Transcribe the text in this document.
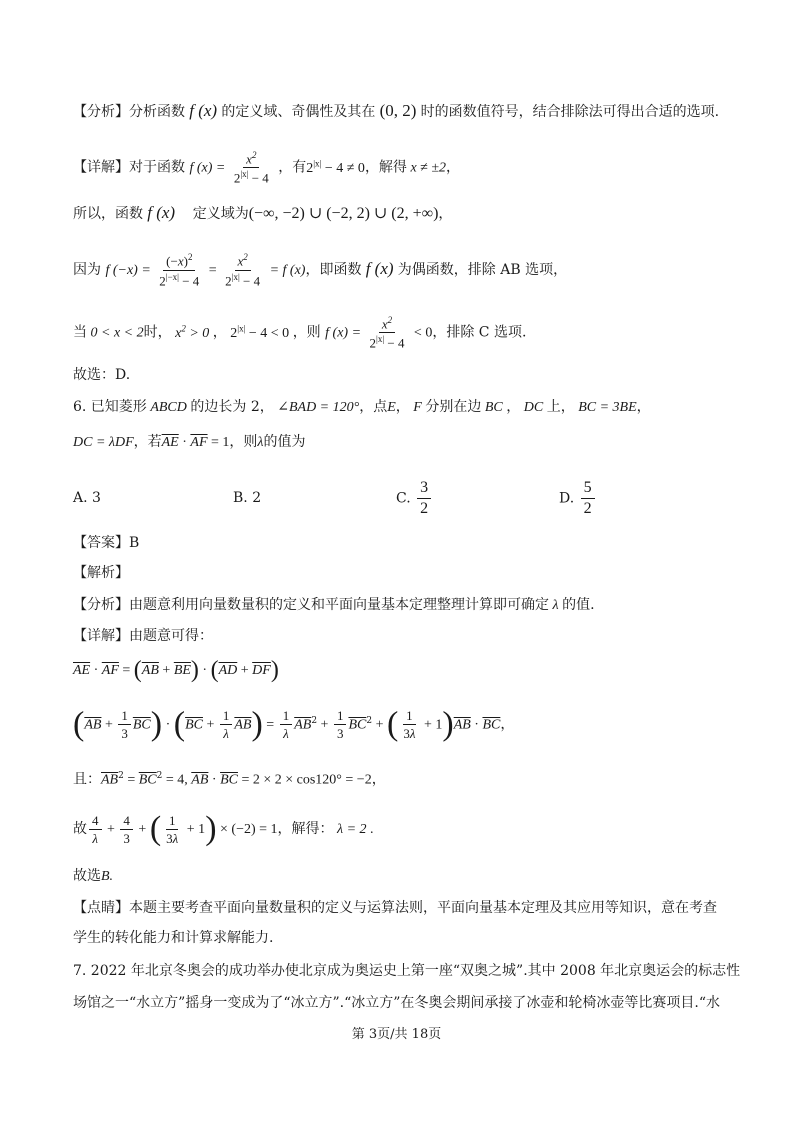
【分析】分析函数 f (x) 的定义域、奇偶性及其在 (0, 2) 时的函数值符号，结合排除法可得出合适的选项.
【详解】对于函数 f $(x) = \frac{x^2}{2^{|x|} - 4}$ ，有$2^{|x|} - 4 \ne 0$，解得 x ≠ ±2，
所以，函数 f (x)    定义域为(−∞, −2) ∪ (−2, 2) ∪ (2, +∞)，
因为 f $(-x) = \frac{(-x)^2}{2^{|-x|} - 4} = \frac{x^2}{2^{|x|} - 4} = f$ (x)，即函数 f (x) 为偶函数，排除 AB 选项，
当 0 < x < 2时， $x^2 > 0$ ， $2^{|x|} - 4 < 0$ ，则 f $(x) = \frac{x^2}{2^{|x|} - 4} < 0$，排除 C 选项.
故选：D.
6. 已知菱形 ABCD 的边长为 2， ∠BAD = 120°，点E， F 分别在边 BC ， DC 上， BC = 3BE，
DC = λDF，若$\overline{AE} \cdot \overline{AF} = 1$，则λ的值为
A. 3	B. 2	C. $\frac{3}{2}$	D. $\frac{5}{2}$
【答案】B
【解析】
【分析】由题意利用向量数量积的定义和平面向量基本定理整理计算即可确定 λ 的值.
【详解】由题意可得：
$\overline{AE} \cdot \overline{AF} = (\overline{AB} + \overline{BE}) \cdot (\overline{AD} + \overline{DF})$
$(\overline{AB} + \frac{1}{3} \overline{BC}) \cdot (\overline{BC} + \frac{1}{\lambda} \overline{AB}) = \frac{1}{\lambda} \overline{AB}^2 + \frac{1}{3} \overline{BC}^2$ + ( $\frac{1}{3\lambda} + 1)\overline{AB} \cdot \overline{BC}$，
且：$\overline{AB}^2 = \overline{BC}^2 = 4$, $\overline{AB} \cdot \overline{BC} = 2 \times 2 \times \cos 120^\circ = -2$，
故 $\frac{4}{\lambda} + \frac{4}{3}$ + ( $\frac{1}{3\lambda} + 1) \times (-2) = 1$，解得： λ = 2 .
故选B.
【点睛】本题主要考查平面向量数量积的定义与运算法则，平面向量基本定理及其应用等知识，意在考查
学生的转化能力和计算求解能力.
7. 2022 年北京冬奥会的成功举办使北京成为奥运史上第一座“双奥之城”.其中 2008 年北京奥运会的标志性
场馆之一“水立方”摇身一变成为了“冰立方”.“冰立方”在冬奥会期间承接了冰壶和轮椅冰壶等比赛项目.“水
第 3页/共 18页
